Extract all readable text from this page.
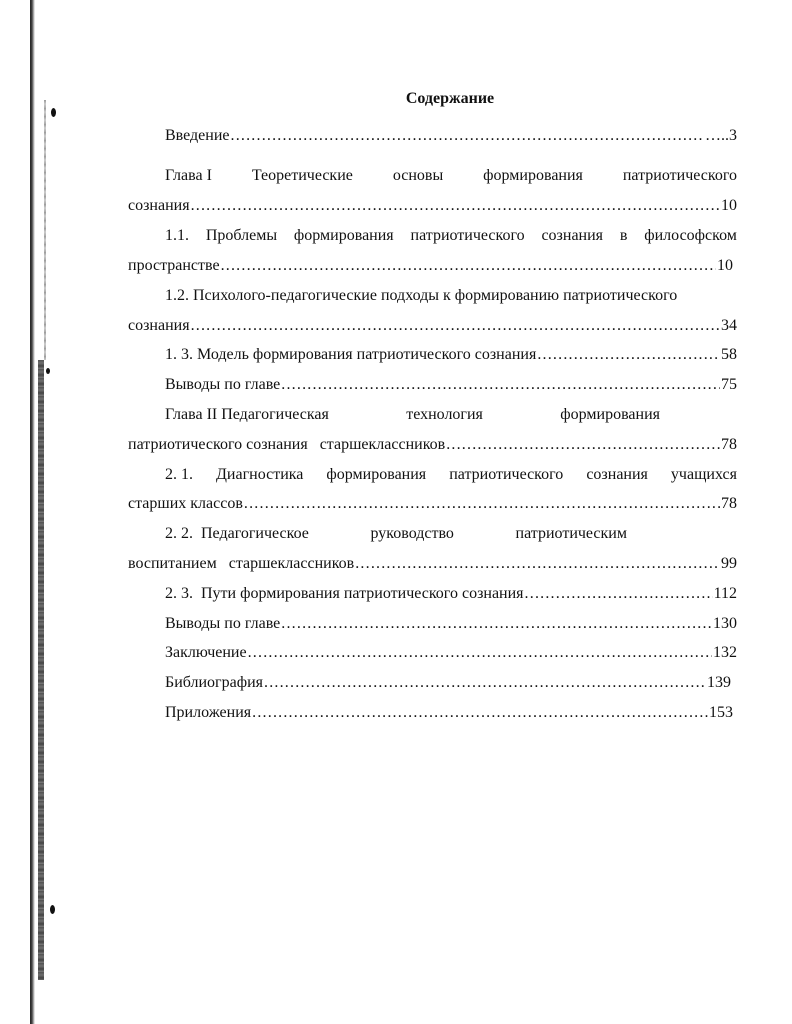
Содержание
Введение .....	…..3
Глава I Теоретические основы формирования патриотического
сознания .....	10
1.1. Проблемы формирования патриотического сознания в философском
пространстве .....	10
1.2. Психолого-педагогические подходы к формированию патриотического
сознания .....	34
1. 3. Модель формирования патриотического сознания .....	58
Выводы по главе .....	75
Глава II Педагогическая	технология	формирования
патриотического сознания   старшеклассников .....	78
2. 1. Диагностика формирования патриотического сознания учащихся
старших классов .....	78
2. 2.  Педагогическое	руководство	патриотическим
воспитанием   старшеклассников .....	99
2. 3.  Пути формирования патриотического сознания .....	112
Выводы по главе .....	130
Заключение .....	132
Библиография .....	139
Приложения .....	153
